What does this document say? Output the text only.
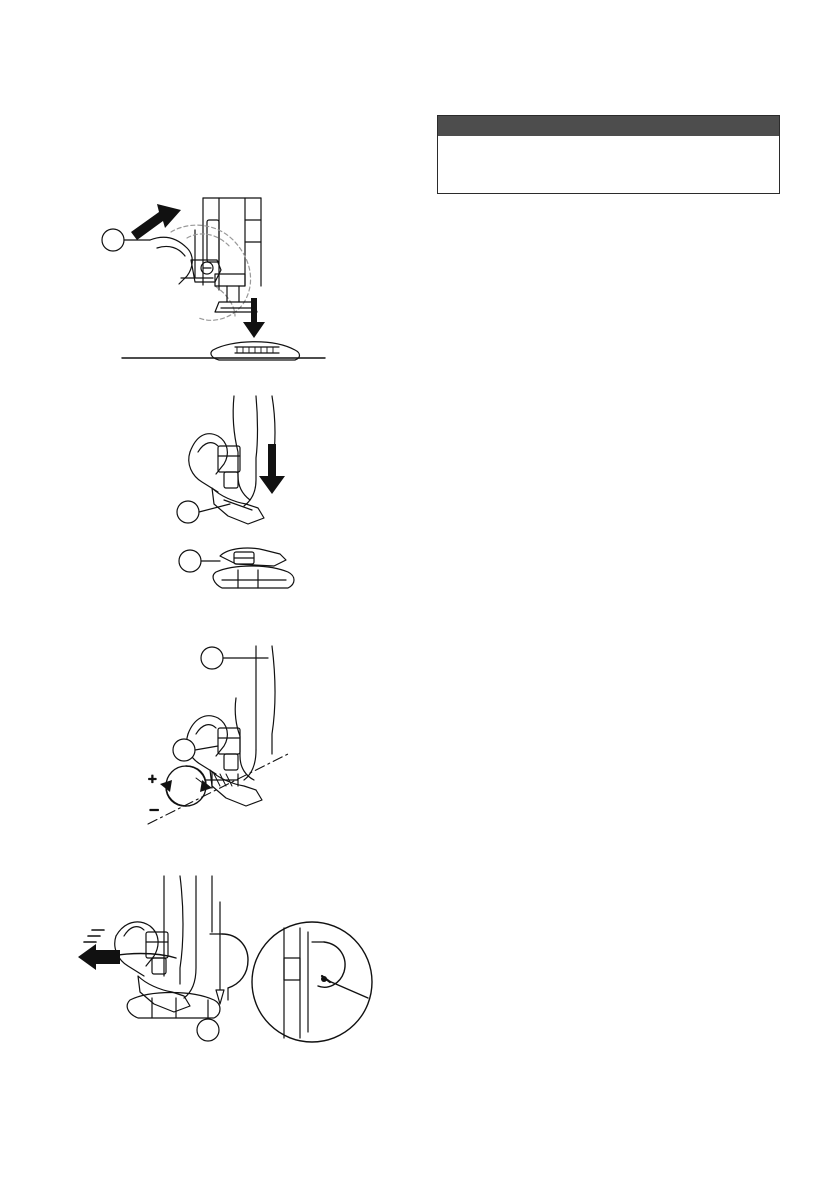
+
–
